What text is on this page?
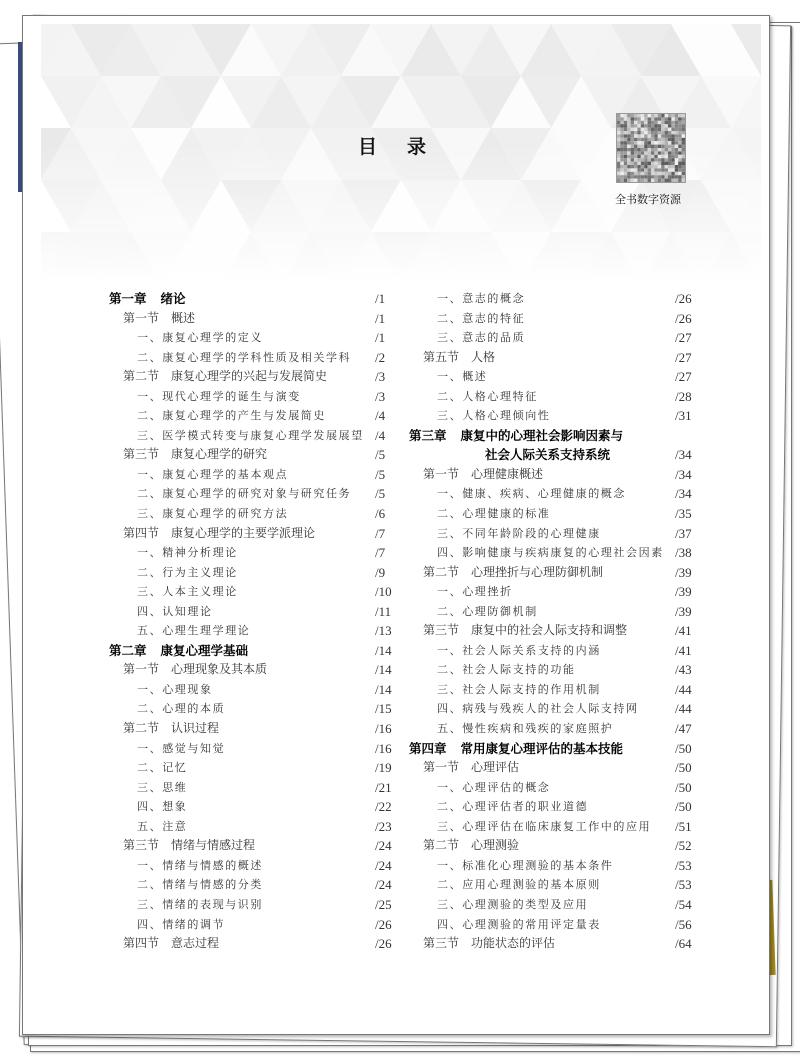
目录
全书数字资源
第一章 绪论	/1
第一节 概述	/1
一、康复心理学的定义	/1
二、康复心理学的学科性质及相关学科 /2
第二节 康复心理学的兴起与发展简史	/3
一、现代心理学的诞生与演变	/3
二、康复心理学的产生与发展简史	/4
三、医学模式转变与康复心理学发展展望 /4
第三节 康复心理学的研究	/5
一、康复心理学的基本观点	/5
二、康复心理学的研究对象与研究任务 /5
三、康复心理学的研究方法	/6
第四节 康复心理学的主要学派理论	/7
一、精神分析理论	/7
二、行为主义理论	/9
三、人本主义理论	/10
四、认知理论	/11
五、心理生理学理论	/13
第二章 康复心理学基础	/14
第一节 心理现象及其本质	/14
一、心理现象	/14
二、心理的本质	/15
第二节 认识过程	/16
一、感觉与知觉	/16
二、记忆	/19
三、思维	/21
四、想象	/22
五、注意	/23
第三节 情绪与情感过程	/24
一、情绪与情感的概述	/24
二、情绪与情感的分类	/24
三、情绪的表现与识别	/25
四、情绪的调节	/26
第四节 意志过程	/26
一、意志的概念	/26
二、意志的特征	/26
三、意志的品质	/27
第五节 人格	/27
一、概述	/27
二、人格心理特征	/28
三、人格心理倾向性	/31
第三章 康复中的心理社会影响因素与
社会人际关系支持系统	/34
第一节 心理健康概述	/34
一、健康、疾病、心理健康的概念	/34
二、心理健康的标准	/35
三、不同年龄阶段的心理健康	/37
四、影响健康与疾病康复的心理社会因素 /38
第二节 心理挫折与心理防御机制	/39
一、心理挫折	/39
二、心理防御机制	/39
第三节 康复中的社会人际支持和调整	/41
一、社会人际关系支持的内涵	/41
二、社会人际支持的功能	/43
三、社会人际支持的作用机制	/44
四、病残与残疾人的社会人际支持网	/44
五、慢性疾病和残疾的家庭照护	/47
第四章 常用康复心理评估的基本技能	/50
第一节 心理评估	/50
一、心理评估的概念	/50
二、心理评估者的职业道德	/50
三、心理评估在临床康复工作中的应用 /51
第二节 心理测验	/52
一、标准化心理测验的基本条件	/53
二、应用心理测验的基本原则	/53
三、心理测验的类型及应用	/54
四、心理测验的常用评定量表	/56
第三节 功能状态的评估	/64
